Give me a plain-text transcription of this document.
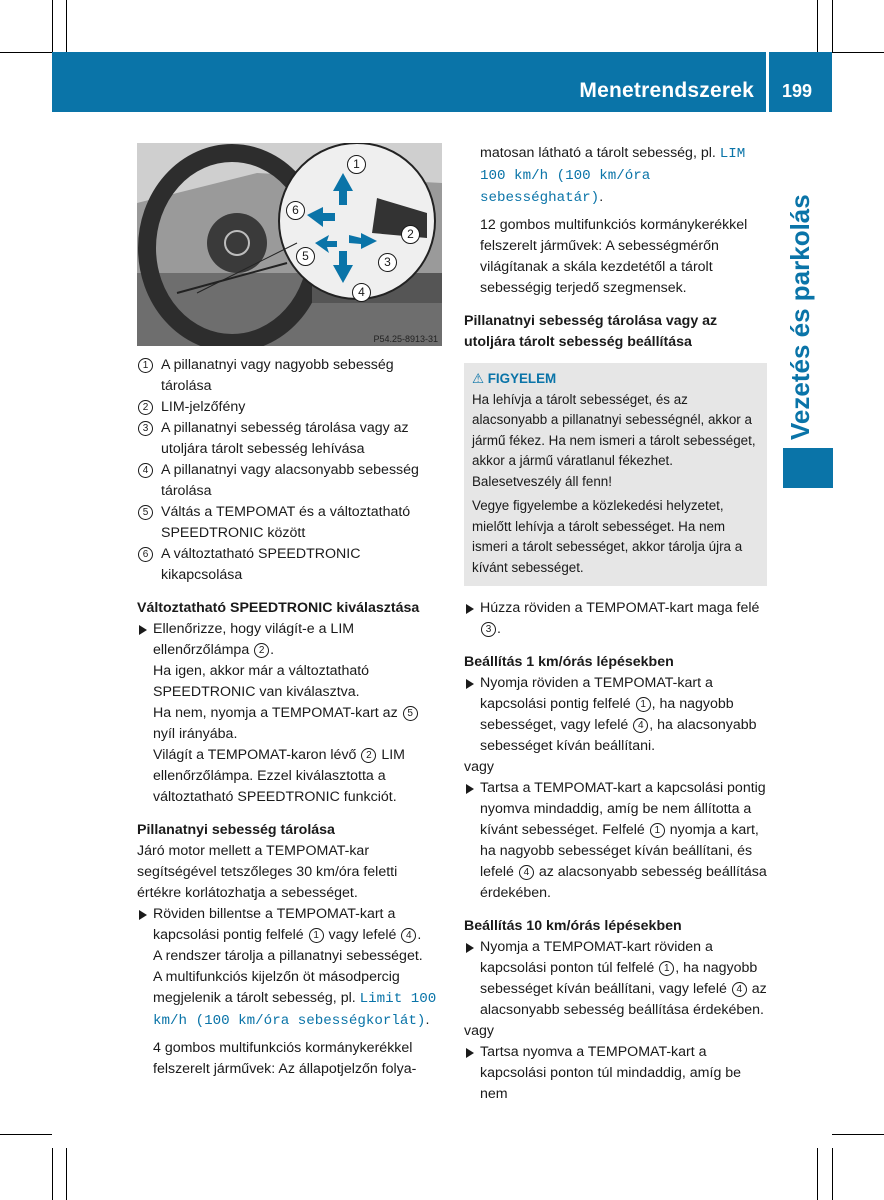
Menetrendszerek 199
Vezetés és parkolás
P54.25-8913-31
1
2
3
4
5
6

1 A pillanatnyi vagy nagyobb sebesség tárolása

2 LIM-jelzőfény

3 A pillanatnyi sebesség tárolása vagy az utoljára tárolt sebesség lehívása

4 A pillanatnyi vagy alacsonyabb sebesség tárolása

5 Váltás a TEMPOMAT és a változtatható SPEEDTRONIC között

6 A változtatható SPEEDTRONIC kikapcsolása

Változtatható SPEEDTRONIC kiválasztása

Ellenőrizze, hogy világít-e a LIM ellenőrzőlámpa 2 .

Ha igen, akkor már a változtatható SPEEDTRONIC van kiválasztva.

Ha nem, nyomja a TEMPOMAT-kart az 5 nyíl irányába.

Világít a TEMPOMAT-karon lévő 2 LIM ellenőrzőlámpa. Ezzel kiválasztotta a változtatható SPEEDTRONIC funkciót.

Pillanatnyi sebesség tárolása

Járó motor mellett a TEMPOMAT-kar segítségével tetszőleges 30 km/óra feletti értékre korlátozhatja a sebességet.

Röviden billentse a TEMPOMAT-kart a kapcsolási pontig felfelé 1 vagy lefelé 4 .

A rendszer tárolja a pillanatnyi sebességet.

A multifunkciós kijelzőn öt másodpercig megjelenik a tárolt sebesség, pl. Limit 100 km/h (100 km/óra sebességkorlát).

4 gombos multifunkciós kormánykerékkel felszerelt járművek: Az állapotjelzőn folya-

matosan látható a tárolt sebesség, pl. LIM 100 km/h (100 km/óra sebességhatár).

12 gombos multifunkciós kormánykerékkel felszerelt járművek: A sebességmérőn világítanak a skála kezdetétől a tárolt sebességig terjedő szegmensek.

Pillanatnyi sebesség tárolása vagy az utoljára tárolt sebesség beállítása

⚠ FIGYELEM

Ha lehívja a tárolt sebességet, és az alacsonyabb a pillanatnyi sebességnél, akkor a jármű fékez. Ha nem ismeri a tárolt sebességet, akkor a jármű váratlanul fékezhet. Balesetveszély áll fenn!

Vegye figyelembe a közlekedési helyzetet, mielőtt lehívja a tárolt sebességet. Ha nem ismeri a tárolt sebességet, akkor tárolja újra a kívánt sebességet.

Húzza röviden a TEMPOMAT-kart maga felé 3 .

Beállítás 1 km/órás lépésekben

Nyomja röviden a TEMPOMAT-kart a kapcsolási pontig felfelé 1 , ha nagyobb sebességet, vagy lefelé 4 , ha alacsonyabb sebességet kíván beállítani.

vagy

Tartsa a TEMPOMAT-kart a kapcsolási pontig nyomva mindaddig, amíg be nem állította a kívánt sebességet. Felfelé 1 nyomja a kart, ha nagyobb sebességet kíván beállítani, és lefelé 4 az alacsonyabb sebesség beállítása érdekében.

Beállítás 10 km/órás lépésekben

Nyomja a TEMPOMAT-kart röviden a kapcsolási ponton túl felfelé 1 , ha nagyobb sebességet kíván beállítani, vagy lefelé 4 az alacsonyabb sebesség beállítása érdekében.

vagy

Tartsa nyomva a TEMPOMAT-kart a kapcsolási ponton túl mindaddig, amíg be nem
